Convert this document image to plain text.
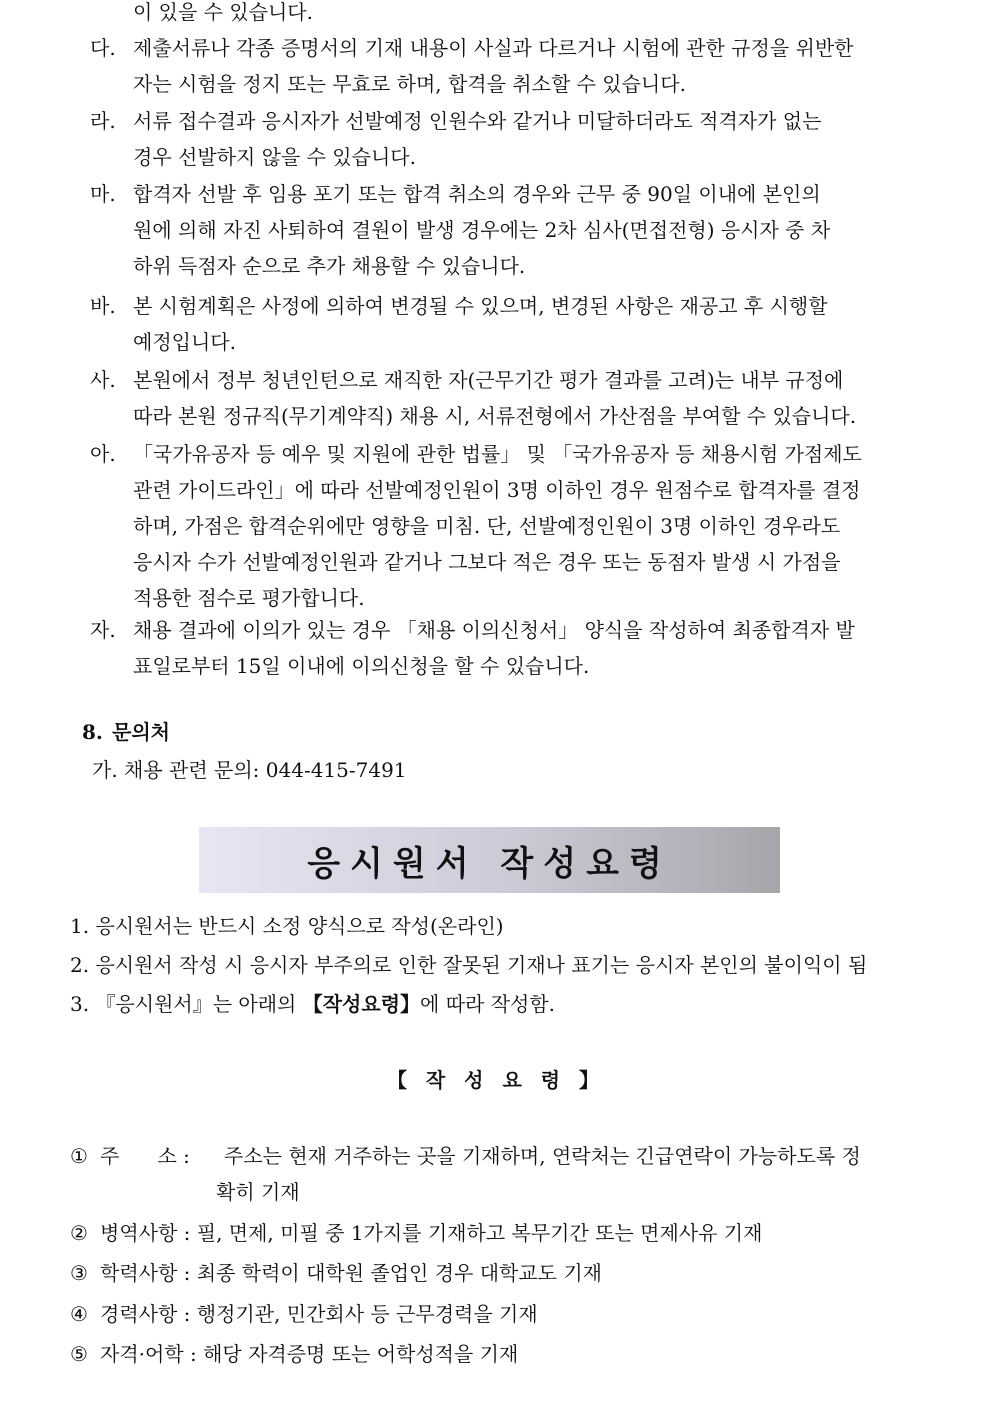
이 있을 수 있습니다.
다. 제출서류나 각종 증명서의 기재 내용이 사실과 다르거나 시험에 관한 규정을 위반한
자는 시험을 정지 또는 무효로 하며, 합격을 취소할 수 있습니다.
라. 서류 접수결과 응시자가 선발예정 인원수와 같거나 미달하더라도 적격자가 없는
경우 선발하지 않을 수 있습니다.
마. 합격자 선발 후 임용 포기 또는 합격 취소의 경우와 근무 중 90일 이내에 본인의
원에 의해 자진 사퇴하여 결원이 발생 경우에는 2차 심사(면접전형) 응시자 중 차
하위 득점자 순으로 추가 채용할 수 있습니다.
바. 본 시험계획은 사정에 의하여 변경될 수 있으며, 변경된 사항은 재공고 후 시행할
예정입니다.
사. 본원에서 정부 청년인턴으로 재직한 자(근무기간 평가 결과를 고려)는 내부 규정에
따라 본원 정규직(무기계약직) 채용 시, 서류전형에서 가산점을 부여할 수 있습니다.
아. 「국가유공자 등 예우 및 지원에 관한 법률」 및 「국가유공자 등 채용시험 가점제도
관련 가이드라인」에 따라 선발예정인원이 3명 이하인 경우 원점수로 합격자를 결정
하며, 가점은 합격순위에만 영향을 미침. 단, 선발예정인원이 3명 이하인 경우라도
응시자 수가 선발예정인원과 같거나 그보다 적은 경우 또는 동점자 발생 시 가점을
적용한 점수로 평가합니다.
자. 채용 결과에 이의가 있는 경우 「채용 이의신청서」 양식을 작성하여 최종합격자 발
표일로부터 15일 이내에 이의신청을 할 수 있습니다.
8. 문의처
가. 채용 관련 문의: 044-415-7491
응시원서 작성요령
1. 응시원서는 반드시 소정 양식으로 작성(온라인)
2. 응시원서 작성 시 응시자 부주의로 인한 잘못된 기재나 표기는 응시자 본인의 불이익이 됨
3. 『응시원서』는 아래의 【작성요령】에 따라 작성함.
【 작 성 요 령 】
① 주      소 :	주소는 현재 거주하는 곳을 기재하며, 연락처는 긴급연락이 가능하도록 정
확히 기재
② 병역사항 : 필, 면제, 미필 중 1가지를 기재하고 복무기간 또는 면제사유 기재
③ 학력사항 : 최종 학력이 대학원 졸업인 경우 대학교도 기재
④ 경력사항 : 행정기관, 민간회사 등 근무경력을 기재
⑤ 자격·어학 : 해당 자격증명 또는 어학성적을 기재
